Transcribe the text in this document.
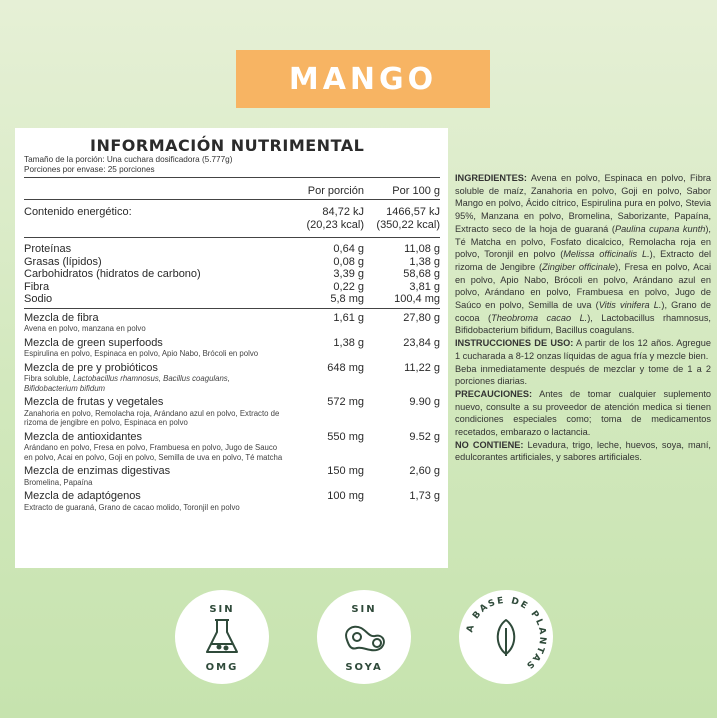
MANGO
INFORMACIÓN NUTRIMENTAL
Tamaño de la porción: Una cuchara dosificadora (5.777g)
Porciones por envase: 25 porciones
Por porción	Por 100 g
Contenido energético:	84,72 kJ	1466,57 kJ
(20,23 kcal)	(350,22 kcal)
Proteínas	0,64 g	11,08 g
Grasas (lípidos)	0,08 g	1,38 g
Carbohidratos (hidratos de carbono)	3,39 g	58,68 g
Fibra	0,22 g	3,81 g
Sodio	5,8 mg	100,4 mg
Mezcla de fibra	1,61 g	27,80 g
Avena en polvo, manzana en polvo
Mezcla de green superfoods	1,38 g	23,84 g
Espirulina en polvo, Espinaca en polvo, Apio Nabo, Brócoli en polvo
Mezcla de pre y probióticos	648 mg	11,22 g
Fibra soluble, Lactobacillus rhamnosus, Bacillus coagulans, Bifidobacterium bifidum
Mezcla de frutas y vegetales	572 mg	9.90 g
Zanahoria en polvo, Remolacha roja, Arándano azul en polvo, Extracto de rizoma de jengibre en polvo, Espinaca en polvo
Mezcla de antioxidantes	550 mg	9.52 g
Arándano en polvo, Fresa en polvo, Frambuesa en polvo, Jugo de Sauco en polvo, Acai en polvo, Goji en polvo, Semilla de uva en polvo, Té matcha
Mezcla de enzimas digestivas	150 mg	2,60 g
Bromelina, Papaína
Mezcla de adaptógenos	100 mg	1,73 g
Extracto de guaraná, Grano de cacao molido, Toronjil en polvo

INGREDIENTES: Avena en polvo, Espinaca en polvo, Fibra soluble de maíz, Zanahoria en polvo, Goji en polvo, Sabor Mango en polvo, Ácido cítrico, Espirulina pura en polvo, Stevia 95%, Manzana en polvo, Bromelina, Saborizante, Papaína, Extracto seco de la hoja de guaraná (Paulina cupana kunth), Té Matcha en polvo, Fosfato dicalcico, Remolacha roja en polvo, Toronjil en polvo (Melissa officinalis L.), Extracto del rizoma de Jengibre (Zingiber officinale), Fresa en polvo, Acai en polvo, Apio Nabo, Brócoli en polvo, Arándano azul en polvo, Arándano en polvo, Frambuesa en polvo, Jugo de Saúco en polvo, Semilla de uva (Vitis vinifera L.), Grano de cocoa (Theobroma cacao L.), Lactobacillus rhamnosus, Bifidobacterium bifidum, Bacillus coagulans.

INSTRUCCIONES DE USO: A partir de los 12 años. Agregue 1 cucharada a 8-12 onzas líquidas de agua fría y mezcle bien.

Beba inmediatamente después de mezclar y tome de 1 a 2 porciones diarias.

PRECAUCIONES: Antes de tomar cualquier suplemento nuevo, consulte a su proveedor de atención medica si tienen condiciones especiales como; toma de medicamentos recetados, embarazo o lactancia.

NO CONTIENE: Levadura, trigo, leche, huevos, soya, maní, edulcorantes artificiales, y sabores artificiales.

SIN
OMG
SIN
SOYA
A BASE DE PLANTAS
